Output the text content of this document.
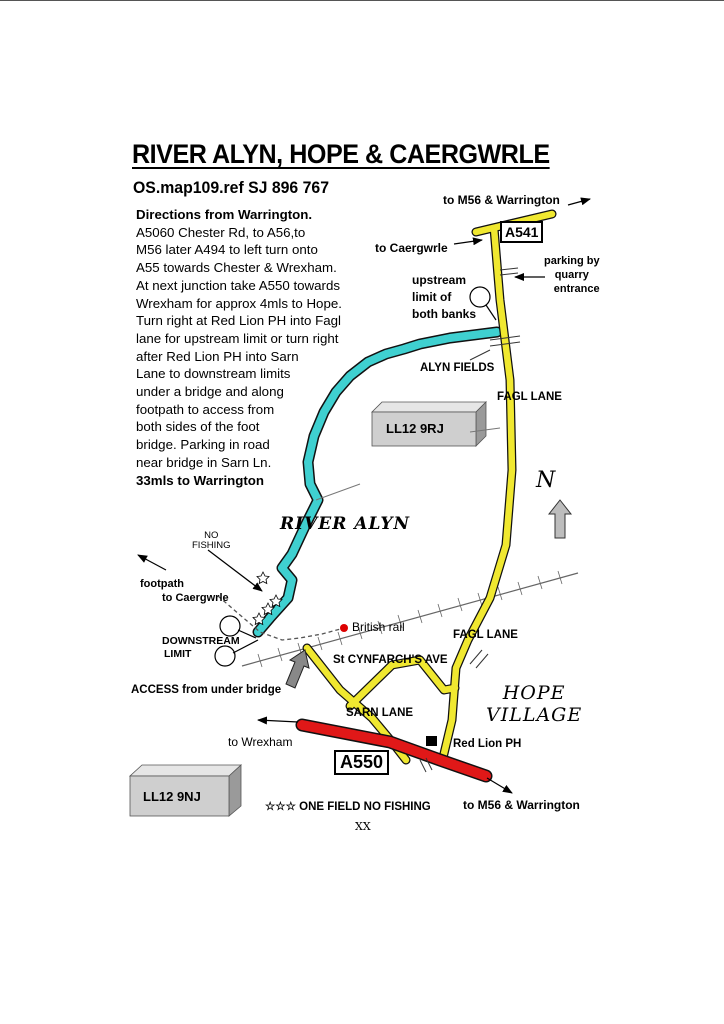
RIVER ALYN, HOPE & CAERGWRLE
OS.map109.ref SJ 896 767
Directions from Warrington.
A5060 Chester Rd, to A56,to
M56 later A494 to left turn onto
A55 towards Chester & Wrexham.
At next junction take A550 towards
Wrexham for approx 4mls to Hope.
Turn right at Red Lion PH into Fagl
lane for upstream limit or turn right
after Red Lion PH into Sarn
Lane to downstream limits
under a bridge and along
footpath to access from
both sides of the foot
bridge. Parking in road
near bridge in Sarn Ln.
33mls to Warrington
to M56 & Warrington
A541
to Caergwrle
parking by
quarry
entrance
upstream
limit of
both banks
ALYN FIELDS
FAGL LANE
LL12 9RJ
N
RIVER ALYN
NO
FISHING
footpath
to Caergwrle
British rail
DOWNSTREAM
LIMIT
FAGL LANE
St CYNFARCH'S AVE
ACCESS from under bridge	HOPE
VILLAGE
SARN LANE
to Wrexham	Red Lion PH
A550
LL12 9NJ
☆☆☆ ONE FIELD NO FISHING	to M56 & Warrington
XX
